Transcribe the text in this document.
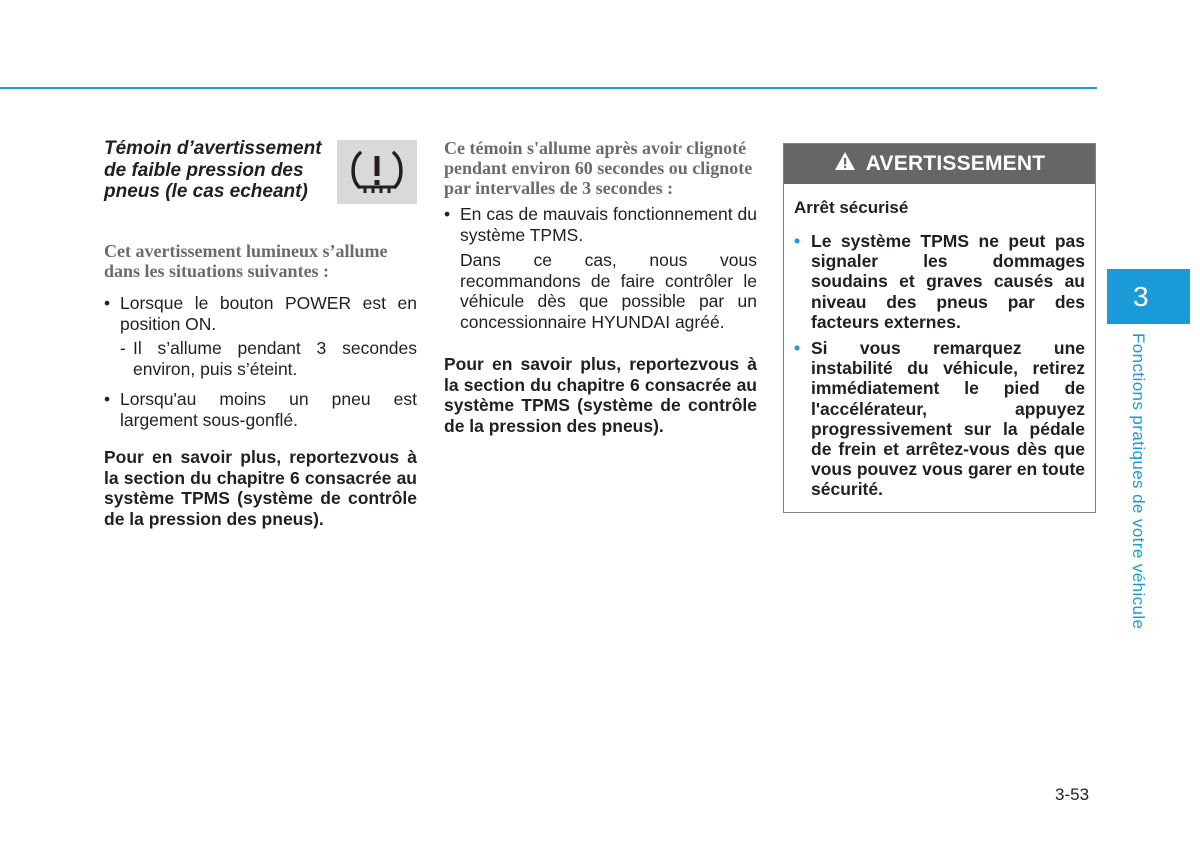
Témoin d’avertissement de faible pression des pneus (le cas echeant)

Cet avertissement lumineux s’allume dans les situations suivantes :

• Lorsque le bouton POWER est en position ON.
- Il s’allume pendant 3 secondes environ, puis s’éteint.
• Lorsqu'au moins un pneu est largement sous-gonflé.

Pour en savoir plus, reportezvous à la section du chapitre 6 consacrée au système TPMS (système de contrôle de la pression des pneus).

Ce témoin s'allume après avoir clignoté pendant environ 60 secondes ou clignote par intervalles de 3 secondes :

• En cas de mauvais fonctionnement du système TPMS.
Dans ce cas, nous vous recommandons de faire contrôler le véhicule dès que possible par un concessionnaire HYUNDAI agréé.

Pour en savoir plus, reportezvous à la section du chapitre 6 consacrée au système TPMS (système de contrôle de la pression des pneus).

AVERTISSEMENT

Arrêt sécurisé

• Le système TPMS ne peut pas signaler les dommages soudains et graves causés au niveau des pneus par des facteurs externes.
• Si vous remarquez une instabilité du véhicule, retirez immédiatement le pied de l'accélérateur, appuyez progressivement sur la pédale de frein et arrêtez-vous dès que vous pouvez vous garer en toute sécurité.
3
Fonctions pratiques de votre véhicule
3-53
